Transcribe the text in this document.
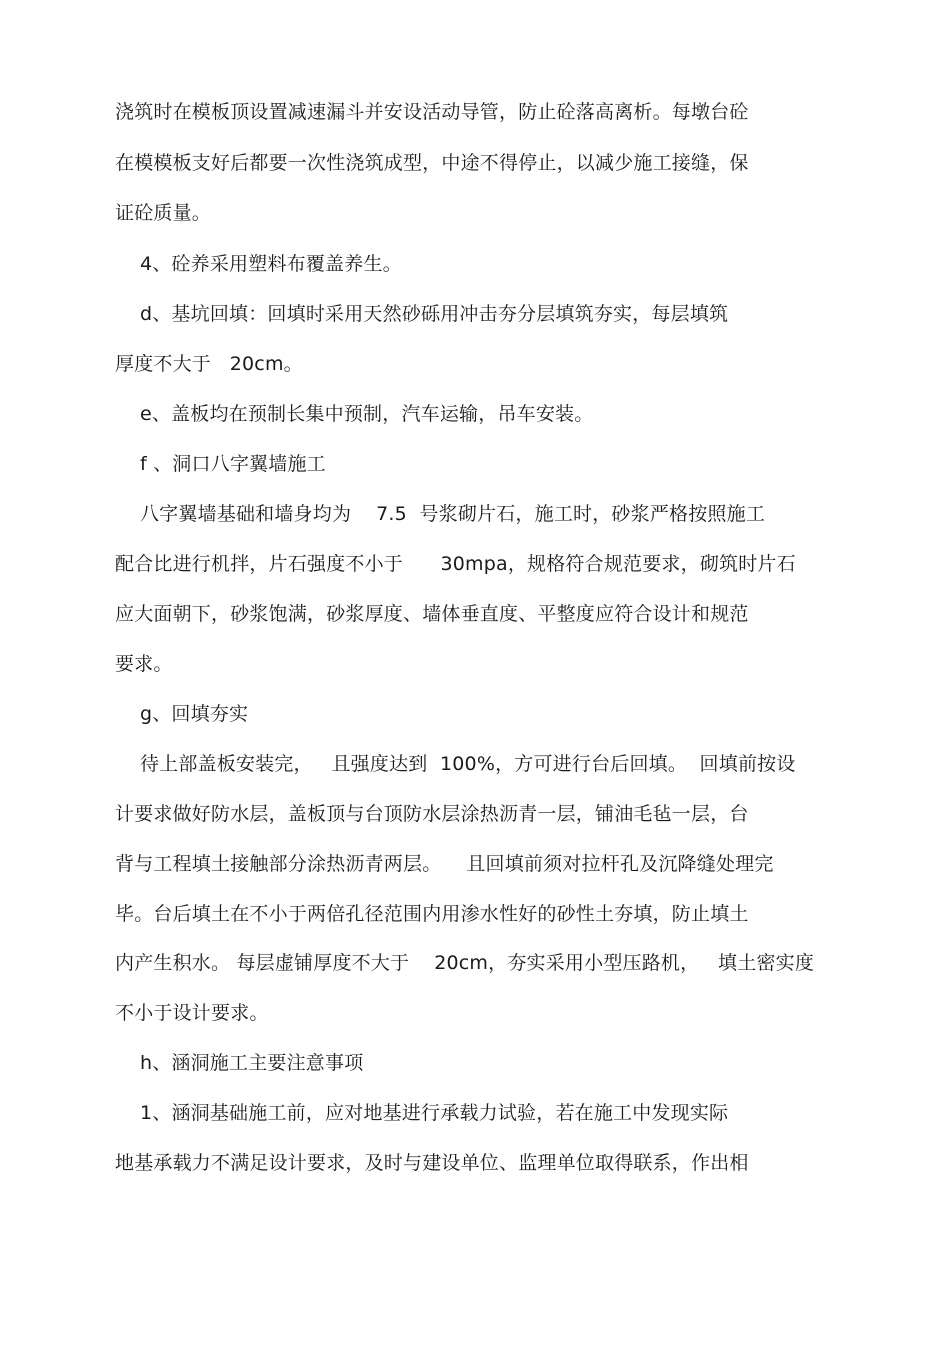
浇筑时在模板顶设置减速漏斗并安设活动导管，防止砼落高离析。每墩台砼
在模模板支好后都要一次性浇筑成型，中途不得停止，以减少施工接缝，保
证砼质量。
4、砼养采用塑料布覆盖养生。
d、基坑回填：回填时采用天然砂砾用冲击夯分层填筑夯实，每层填筑
厚度不大于   20cm。
e、盖板均在预制长集中预制，汽车运输，吊车安装。
f 、洞口八字翼墙施工
八字翼墙基础和墙身均为    7.5  号浆砌片石，施工时，砂浆严格按照施工
配合比进行机拌，片石强度不小于      30mpa，规格符合规范要求，砌筑时片石
应大面朝下，砂浆饱满，砂浆厚度、墙体垂直度、平整度应符合设计和规范
要求。
g、回填夯实
待上部盖板安装完，   且强度达到  100%，方可进行台后回填。  回填前按设
计要求做好防水层，盖板顶与台顶防水层涂热沥青一层，铺油毛毡一层，台
背与工程填土接触部分涂热沥青两层。    且回填前须对拉杆孔及沉降缝处理完
毕。台后填土在不小于两倍孔径范围内用渗水性好的砂性土夯填，防止填土
内产生积水。 每层虚铺厚度不大于    20cm，夯实采用小型压路机，   填土密实度
不小于设计要求。
h、涵洞施工主要注意事项
1、涵洞基础施工前，应对地基进行承载力试验，若在施工中发现实际
地基承载力不满足设计要求，及时与建设单位、监理单位取得联系，作出相
